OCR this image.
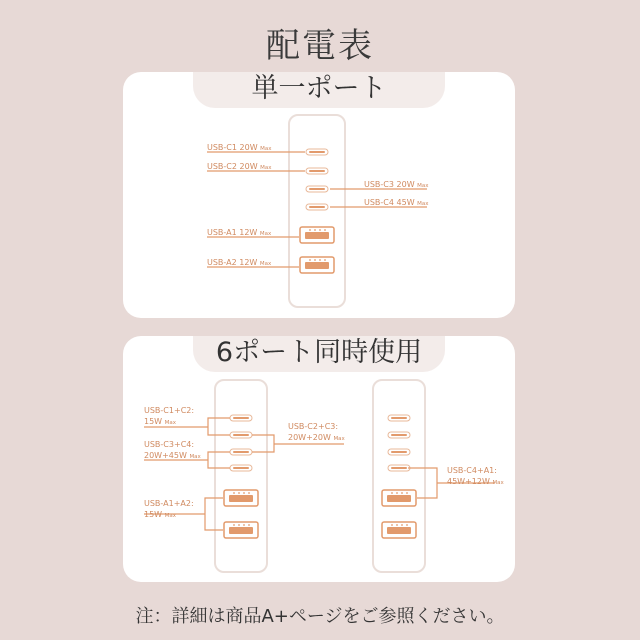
配電表
単一ポート
6ポート同時使用
USB-C1 20W Max
USB-C2 20W Max
USB-C3 20W Max
USB-C4 45W Max
USB-A1 12W Max
USB-A2 12W Max
USB-C1+C2:
15W Max	USB-C2+C3:
20W+20W Max
USB-C3+C4:
20W+45W Max
USB-A1+A2:
15W Max
USB-C4+A1:
45W+12W Max
注：詳細は商品A+ページをご参照ください。
